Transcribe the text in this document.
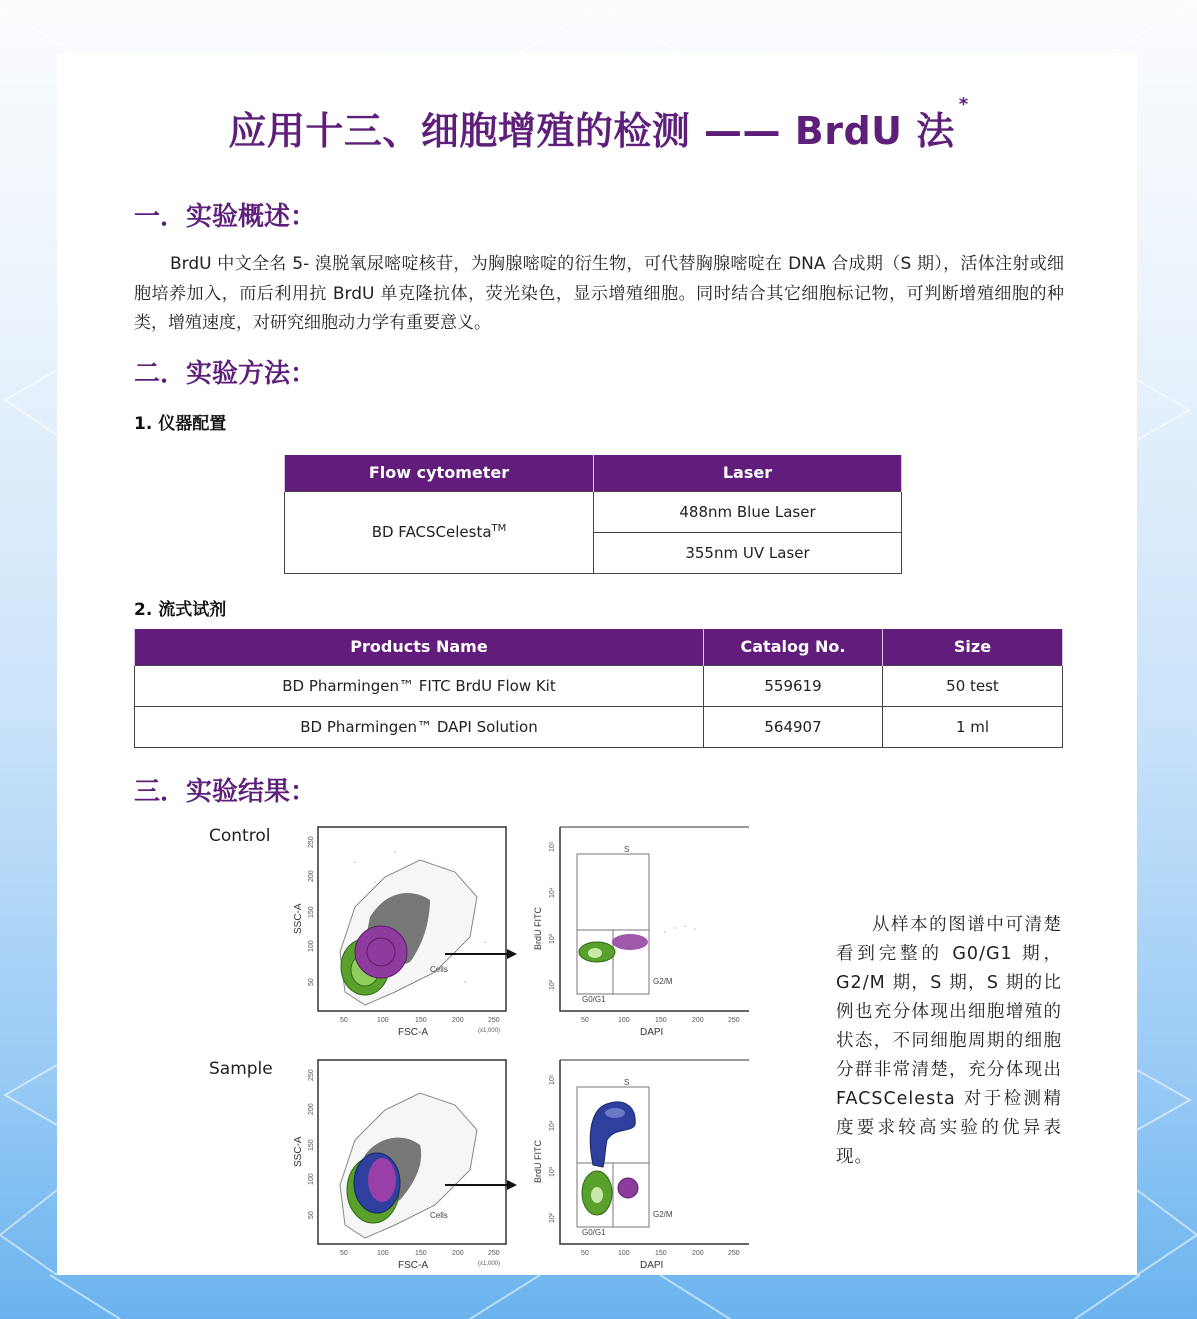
应用十三、细胞增殖的检测 —— BrdU 法*
一．实验概述：
BrdU 中文全名 5- 溴脱氧尿嘧啶核苷，为胸腺嘧啶的衍生物，可代替胸腺嘧啶在 DNA 合成期（S 期），活体注射或细胞培养加入，而后利用抗 BrdU 单克隆抗体，荧光染色，显示增殖细胞。同时结合其它细胞标记物，可判断增殖细胞的种类，增殖速度，对研究细胞动力学有重要意义。
二．实验方法：
1. 仪器配置
Flow cytometer	Laser
BD FACSCelesta™	488nm Blue Laser
	355nm UV Laser
2. 流式试剂
Products Name	Catalog No.	Size
BD Pharmingen™ FITC BrdU Flow Kit	559619	50 test
BD Pharmingen™ DAPI Solution	564907	1 ml
三．实验结果：
Control
Sample
Cells
50	100	150	200	250
(x1,000)
FSC-A
SSC-A
50
100
150
200
250
S
G0/G1
G2/M
50	100	150	200	250
DAPI
BrdU FITC
10²
10³
10⁴
10⁵
Cells
50	100	150	200	250
(x1,000)
FSC-A
SSC-A
50
100
150
200
250
S
G0/G1
G2/M
50	100	150	200	250
DAPI
BrdU FITC
10²
10³
10⁴
10⁵
从样本的图谱中可清楚看到完整的 G0/G1 期，G2/M 期，S 期，S 期的比例也充分体现出细胞增殖的状态，不同细胞周期的细胞分群非常清楚，充分体现出 FACSCelesta 对于检测精度要求较高实验的优异表现。
